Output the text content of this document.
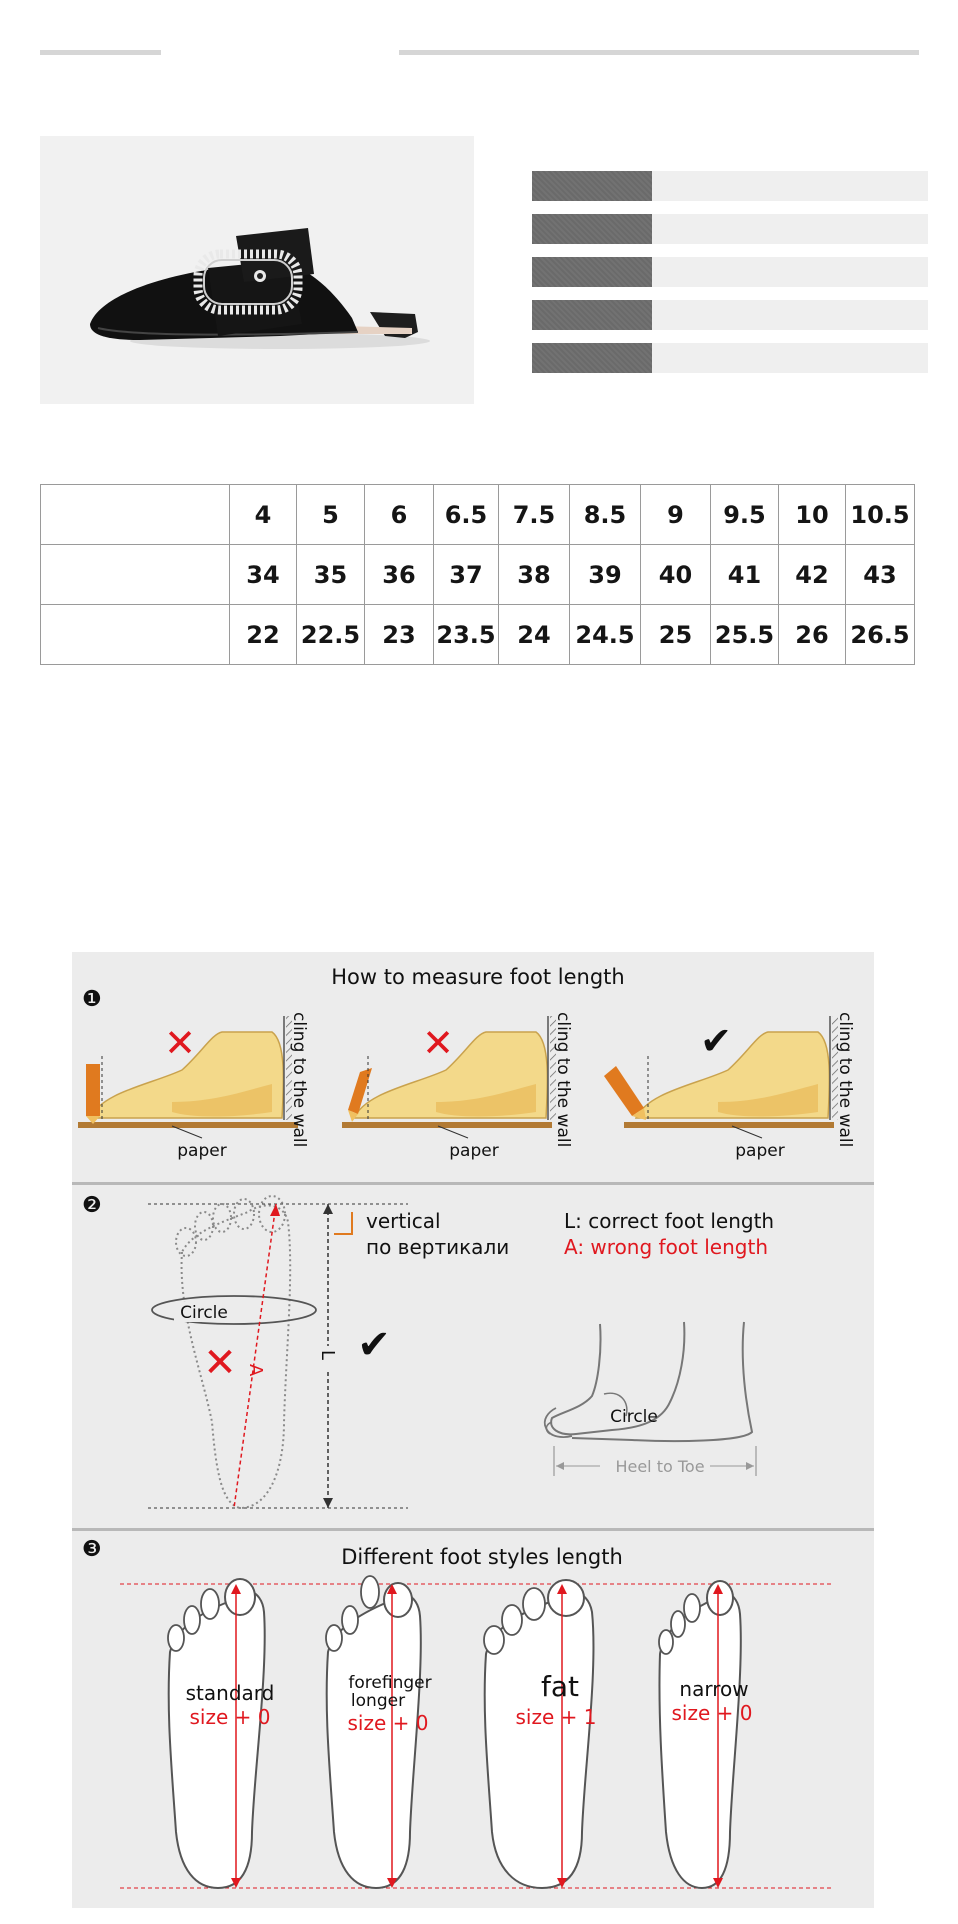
	4	5	6	6.5	7.5	8.5	9	9.5	10	10.5
	34	35	36	37	38	39	40	41	42	43
	22	22.5	23	23.5	24	24.5	25	25.5	26	26.5
How to measure foot length
❶
✕
paper
cling to the wall	✕
paper
cling to the wall	✔
paper
cling to the wall
❷
Circle
A
✕	L ✔
vertical
по вертикали
L: correct foot length
A: wrong foot length
Circle
Heel to Toe
❸	Different foot styles length
standard
size + 0
forefinger
longer
size + 0
fat
size + 1
narrow
size + 0
